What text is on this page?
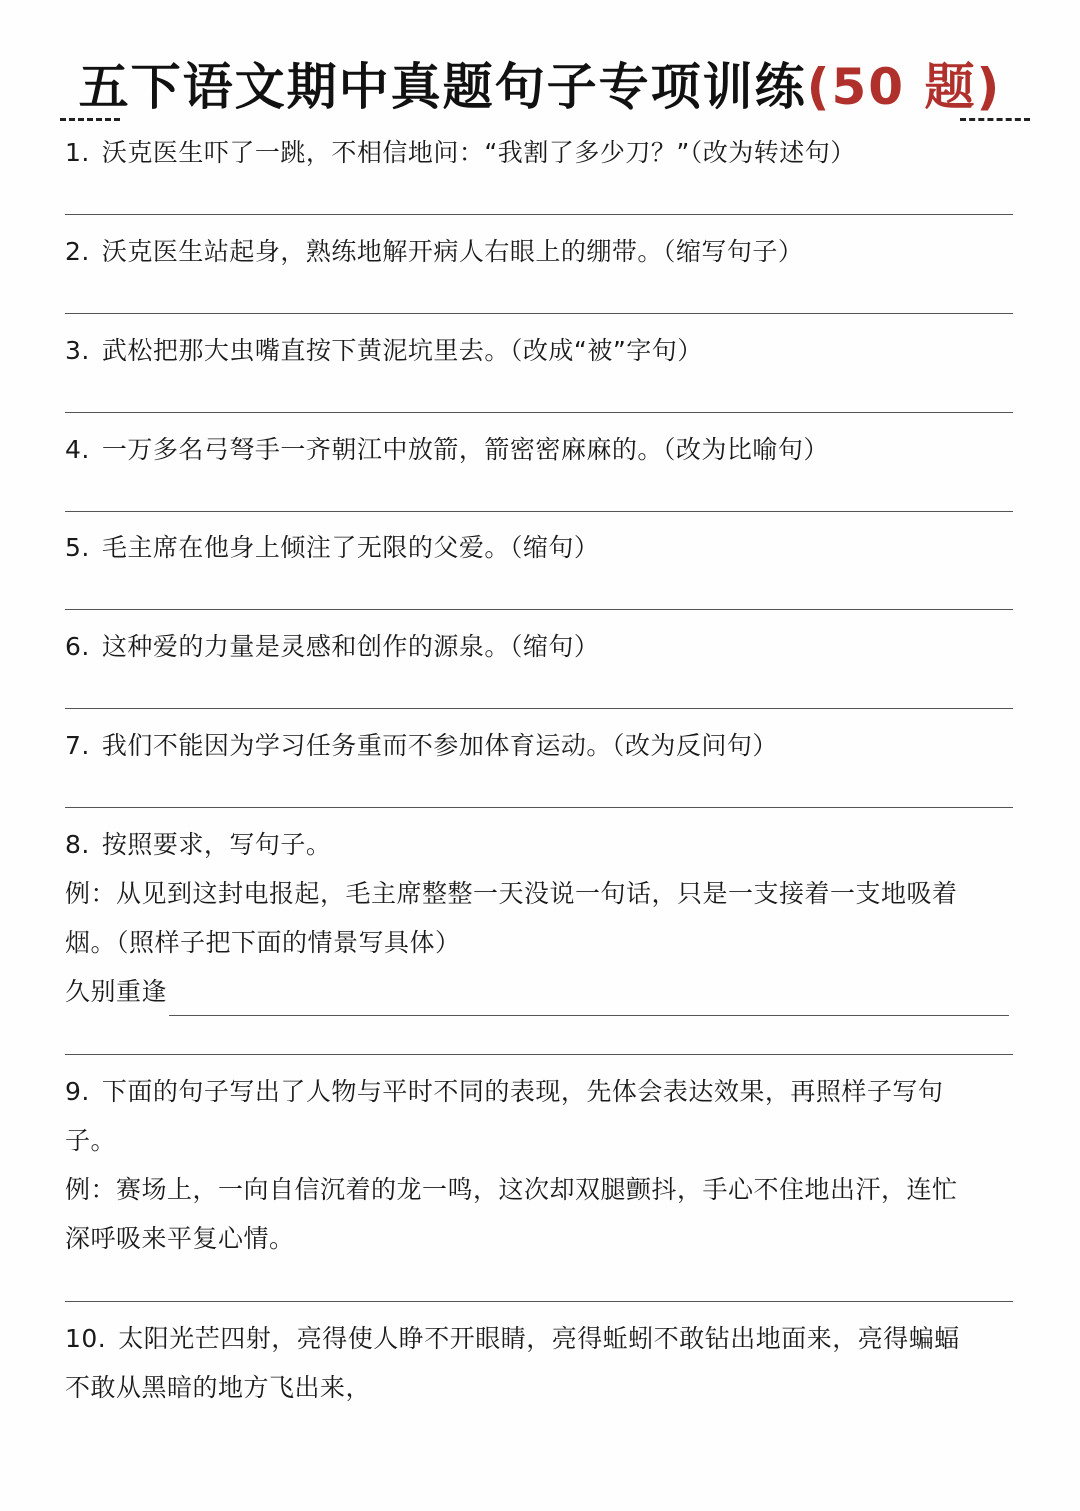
五下语文期中真题句子专项训练(50 题)
1. 沃克医生吓了一跳，不相信地问：“我割了多少刀？”（改为转述句）
2. 沃克医生站起身，熟练地解开病人右眼上的绷带。（缩写句子）
3. 武松把那大虫嘴直按下黄泥坑里去。（改成“被”字句）
4. 一万多名弓弩手一齐朝江中放箭，箭密密麻麻的。（改为比喻句）
5. 毛主席在他身上倾注了无限的父爱。（缩句）
6. 这种爱的力量是灵感和创作的源泉。（缩句）
7. 我们不能因为学习任务重而不参加体育运动。（改为反问句）
8. 按照要求，写句子。
例：从见到这封电报起，毛主席整整一天没说一句话，只是一支接着一支地吸着
烟。（照样子把下面的情景写具体）
久别重逢
9. 下面的句子写出了人物与平时不同的表现，先体会表达效果，再照样子写句
子。
例：赛场上，一向自信沉着的龙一鸣，这次却双腿颤抖，手心不住地出汗，连忙
深呼吸来平复心情。
10. 太阳光芒四射，亮得使人睁不开眼睛，亮得蚯蚓不敢钻出地面来，亮得蝙蝠
不敢从黑暗的地方飞出来，
